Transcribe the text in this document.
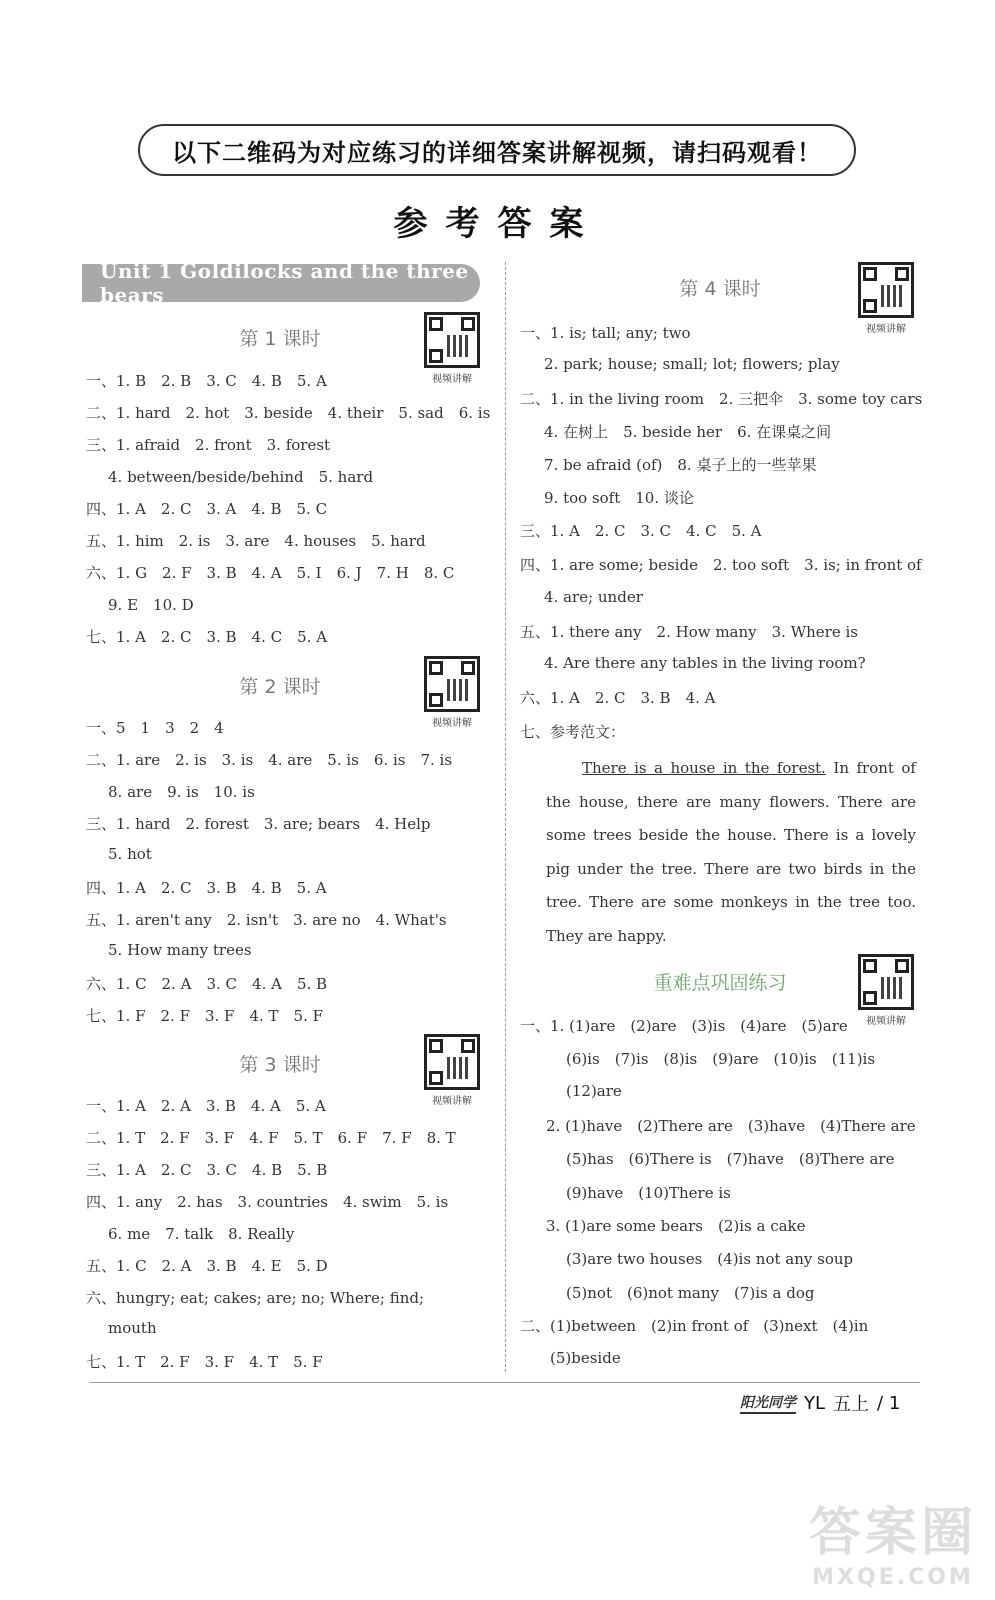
以下二维码为对应练习的详细答案讲解视频，请扫码观看！
参考答案
Unit 1 Goldilocks and the three bears
第 1 课时
视频讲解
一、1. B　2. B　3. C　4. B　5. A
二、1. hard　2. hot　3. beside　4. their　5. sad　6. is
三、1. afraid　2. front　3. forest
4. between/beside/behind　5. hard
四、1. A　2. C　3. A　4. B　5. C
五、1. him　2. is　3. are　4. houses　5. hard
六、1. G　2. F　3. B　4. A　5. I　6. J　7. H　8. C
9. E　10. D
七、1. A　2. C　3. B　4. C　5. A
第 2 课时
视频讲解
一、5　1　3　2　4
二、1. are　2. is　3. is　4. are　5. is　6. is　7. is
8. are　9. is　10. is
三、1. hard　2. forest　3. are; bears　4. Help
5. hot
四、1. A　2. C　3. B　4. B　5. A
五、1. aren't any　2. isn't　3. are no　4. What's
5. How many trees
六、1. C　2. A　3. C　4. A　5. B
七、1. F　2. F　3. F　4. T　5. F
第 3 课时
视频讲解
一、1. A　2. A　3. B　4. A　5. A
二、1. T　2. F　3. F　4. F　5. T　6. F　7. F　8. T
三、1. A　2. C　3. C　4. B　5. B
四、1. any　2. has　3. countries　4. swim　5. is
6. me　7. talk　8. Really
五、1. C　2. A　3. B　4. E　5. D
六、hungry; eat; cakes; are; no; Where; find;
mouth
七、1. T　2. F　3. F　4. T　5. F
第 4 课时
视频讲解
一、1. is; tall; any; two
2. park; house; small; lot; flowers; play
二、1. in the living room　2. 三把伞　3. some toy cars
4. 在树上　5. beside her　6. 在课桌之间
7. be afraid (of)　8. 桌子上的一些苹果
9. too soft　10. 谈论
三、1. A　2. C　3. C　4. C　5. A
四、1. are some; beside　2. too soft　3. is; in front of
4. are; under
五、1. there any　2. How many　3. Where is
4. Are there any tables in the living room?
六、1. A　2. C　3. B　4. A
七、参考范文：
There is a house in the forest. In front of the house, there are many flowers. There are some trees beside the house. There is a lovely pig under the tree. There are two birds in the tree. There are some monkeys in the tree too. They are happy.
重难点巩固练习
视频讲解
一、1. (1)are　(2)are　(3)is　(4)are　(5)are
(6)is　(7)is　(8)is　(9)are　(10)is　(11)is
(12)are
2. (1)have　(2)There are　(3)have　(4)There are
(5)has　(6)There is　(7)have　(8)There are
(9)have　(10)There is
3. (1)are some bears　(2)is a cake
(3)are two houses　(4)is not any soup
(5)not　(6)not many　(7)is a dog
二、(1)between　(2)in front of　(3)next　(4)in
(5)beside
阳光同学 YL 五上 / 1
答案圈
MXQE.COM
